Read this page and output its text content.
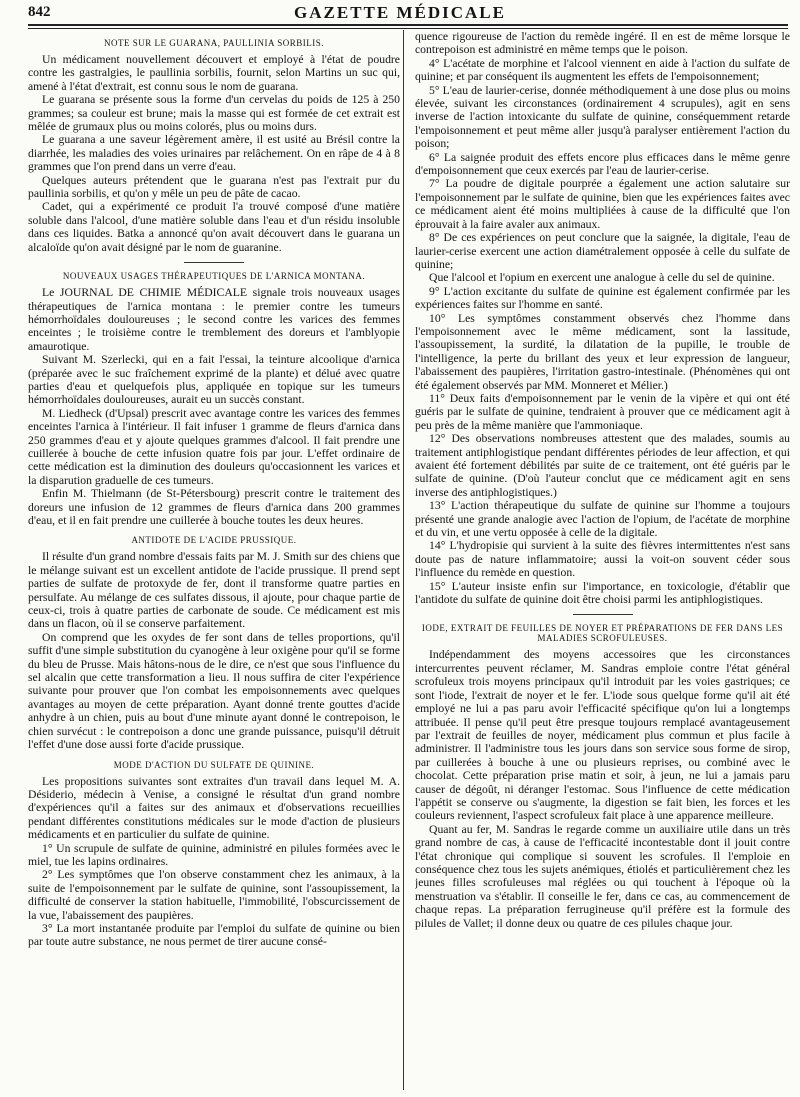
842	GAZETTE MÉDICALE
NOTE SUR LE GUARANA, PAULLINIA SORBILIS.

Un médicament nouvellement découvert et employé à l'état de poudre contre les gastralgies, le paullinia sorbilis, fournit, selon Martins un suc qui, amené à l'état d'extrait, est connu sous le nom de guarana.

Le guarana se présente sous la forme d'un cervelas du poids de 125 à 250 grammes; sa couleur est brune; mais la masse qui est formée de cet extrait est mêlée de grumaux plus ou moins colorés, plus ou moins durs.

Le guarana a une saveur légèrement amère, il est usité au Brésil contre la diarrhée, les maladies des voies urinaires par relâchement. On en râpe de 4 à 8 grammes que l'on prend dans un verre d'eau.

Quelques auteurs prétendent que le guarana n'est pas l'extrait pur du paullinia sorbilis, et qu'on y mêle un peu de pâte de cacao.

Cadet, qui a expérimenté ce produit l'a trouvé composé d'une matière soluble dans l'alcool, d'une matière soluble dans l'eau et d'un résidu insoluble dans ces liquides. Batka a annoncé qu'on avait découvert dans le guarana un alcaloïde qu'on avait désigné par le nom de guaranine.

NOUVEAUX USAGES THÉRAPEUTIQUES DE L'ARNICA MONTANA.

Le JOURNAL DE CHIMIE MÉDICALE signale trois nouveaux usages thérapeutiques de l'arnica montana : le premier contre les tumeurs hémorrhoïdales douloureuses ; le second contre les varices des femmes enceintes ; le troisième contre le tremblement des doreurs et l'amblyopie amaurotique.

Suivant M. Szerlecki, qui en a fait l'essai, la teinture alcoolique d'arnica (préparée avec le suc fraîchement exprimé de la plante) et délué avec quatre parties d'eau et quelquefois plus, appliquée en topique sur les tumeurs hémorrhoïdales douloureuses, aurait eu un succès constant.

M. Liedheck (d'Upsal) prescrit avec avantage contre les varices des femmes enceintes l'arnica à l'intérieur. Il fait infuser 1 gramme de fleurs d'arnica dans 250 grammes d'eau et y ajoute quelques grammes d'alcool. Il fait prendre une cuillerée à bouche de cette infusion quatre fois par jour. L'effet ordinaire de cette médication est la diminution des douleurs qu'occasionnent les varices et la disparution graduelle de ces tumeurs.

Enfin M. Thielmann (de St-Pétersbourg) prescrit contre le traitement des doreurs une infusion de 12 grammes de fleurs d'arnica dans 200 grammes d'eau, et il en fait prendre une cuillerée à bouche toutes les deux heures.

ANTIDOTE DE L'ACIDE PRUSSIQUE.

Il résulte d'un grand nombre d'essais faits par M. J. Smith sur des chiens que le mélange suivant est un excellent antidote de l'acide prussique. Il prend sept parties de sulfate de protoxyde de fer, dont il transforme quatre parties en persulfate. Au mélange de ces sulfates dissous, il ajoute, pour chaque partie de ceux-ci, trois à quatre parties de carbonate de soude. Ce médicament est mis dans un flacon, où il se conserve parfaitement.

On comprend que les oxydes de fer sont dans de telles proportions, qu'il suffit d'une simple substitution du cyanogène à leur oxigène pour qu'il se forme du bleu de Prusse. Mais hâtons-nous de le dire, ce n'est que sous l'influence du sel alcalin que cette transformation a lieu. Il nous suffira de citer l'expérience suivante pour prouver que l'on combat les empoisonnements avec quelques avantages au moyen de cette préparation. Ayant donné trente gouttes d'acide anhydre à un chien, puis au bout d'une minute ayant donné le contrepoison, le chien survécut : le contrepoison a donc une grande puissance, puisqu'il détruit l'effet d'une dose aussi forte d'acide prussique.

MODE D'ACTION DU SULFATE DE QUININE.

Les propositions suivantes sont extraites d'un travail dans lequel M. A. Désiderio, médecin à Venise, a consigné le résultat d'un grand nombre d'expériences qu'il a faites sur des animaux et d'observations recueillies pendant différentes constitutions médicales sur le mode d'action de plusieurs médicaments et en particulier du sulfate de quinine.

1° Un scrupule de sulfate de quinine, administré en pilules formées avec le miel, tue les lapins ordinaires.

2° Les symptômes que l'on observe constamment chez les animaux, à la suite de l'empoisonnement par le sulfate de quinine, sont l'assoupissement, la difficulté de conserver la station habituelle, l'immobilité, l'obscurcissement de la vue, l'abaissement des paupières.

3° La mort instantanée produite par l'emploi du sulfate de quinine ou bien par toute autre substance, ne nous permet de tirer aucune consé-

quence rigoureuse de l'action du remède ingéré. Il en est de même lorsque le contrepoison est administré en même temps que le poison.

4° L'acétate de morphine et l'alcool viennent en aide à l'action du sulfate de quinine; et par conséquent ils augmentent les effets de l'empoisonnement;

5° L'eau de laurier-cerise, donnée méthodiquement à une dose plus ou moins élevée, suivant les circonstances (ordinairement 4 scrupules), agit en sens inverse de l'action intoxicante du sulfate de quinine, conséquemment retarde l'empoisonnement et peut même aller jusqu'à paralyser entièrement l'action du poison;

6° La saignée produit des effets encore plus efficaces dans le même genre d'empoisonnement que ceux exercés par l'eau de laurier-cerise.

7° La poudre de digitale pourprée a également une action salutaire sur l'empoisonnement par le sulfate de quinine, bien que les expériences faites avec ce médicament aient été moins multipliées à cause de la difficulté que l'on éprouvait à la faire avaler aux animaux.

8° De ces expériences on peut conclure que la saignée, la digitale, l'eau de laurier-cerise exercent une action diamétralement opposée à celle du sulfate de quinine;

Que l'alcool et l'opium en exercent une analogue à celle du sel de quinine.

9° L'action excitante du sulfate de quinine est également confirmée par les expériences faites sur l'homme en santé.

10° Les symptômes constamment observés chez l'homme dans l'empoisonnement avec le même médicament, sont la lassitude, l'assoupissement, la surdité, la dilatation de la pupille, le trouble de l'intelligence, la perte du brillant des yeux et leur expression de langueur, l'abaissement des paupières, l'irritation gastro-intestinale. (Phénomènes qui ont été également observés par MM. Monneret et Mélier.)

11° Deux faits d'empoisonnement par le venin de la vipère et qui ont été guéris par le sulfate de quinine, tendraient à prouver que ce médicament agit à peu près de la même manière que l'ammoniaque.

12° Des observations nombreuses attestent que des malades, soumis au traitement antiphlogistique pendant différentes périodes de leur affection, et qui avaient été fortement débilités par suite de ce traitement, ont été guéris par le sulfate de quinine. (D'où l'auteur conclut que ce médicament agit en sens inverse des antiphlogistiques.)

13° L'action thérapeutique du sulfate de quinine sur l'homme a toujours présenté une grande analogie avec l'action de l'opium, de l'acétate de morphine et du vin, et une vertu opposée à celle de la digitale.

14° L'hydropisie qui survient à la suite des fièvres intermittentes n'est sans doute pas de nature inflammatoire; aussi la voit-on souvent céder sous l'influence du remède en question.

15° L'auteur insiste enfin sur l'importance, en toxicologie, d'établir que l'antidote du sulfate de quinine doit être choisi parmi les antiphlogistiques.

IODE, EXTRAIT DE FEUILLES DE NOYER ET PRÉPARATIONS DE FER DANS LES MALADIES SCROFULEUSES.

Indépendamment des moyens accessoires que les circonstances intercurrentes peuvent réclamer, M. Sandras emploie contre l'état général scrofuleux trois moyens principaux qu'il introduit par les voies gastriques; ce sont l'iode, l'extrait de noyer et le fer. L'iode sous quelque forme qu'il ait été employé ne lui a pas paru avoir l'efficacité spécifique qu'on lui a longtemps attribuée. Il pense qu'il peut être presque toujours remplacé avantageusement par l'extrait de feuilles de noyer, médicament plus commun et plus facile à administrer. Il l'administre tous les jours dans son service sous forme de sirop, par cuillerées à bouche à une ou plusieurs reprises, ou combiné avec le chocolat. Cette préparation prise matin et soir, à jeun, ne lui a jamais paru causer de dégoût, ni déranger l'estomac. Sous l'influence de cette médication l'appétit se conserve ou s'augmente, la digestion se fait bien, les forces et les couleurs reviennent, l'aspect scrofuleux fait place à une apparence meilleure.

Quant au fer, M. Sandras le regarde comme un auxiliaire utile dans un très grand nombre de cas, à cause de l'efficacité incontestable dont il jouit contre l'état chronique qui complique si souvent les scrofules. Il l'emploie en conséquence chez tous les sujets anémiques, étiolés et particulièrement chez les jeunes filles scrofuleuses mal réglées ou qui touchent à l'époque où la menstruation va s'établir. Il conseille le fer, dans ce cas, au commencement de chaque repas. La préparation ferrugineuse qu'il préfère est la formule des pilules de Vallet; il donne deux ou quatre de ces pilules chaque jour.
